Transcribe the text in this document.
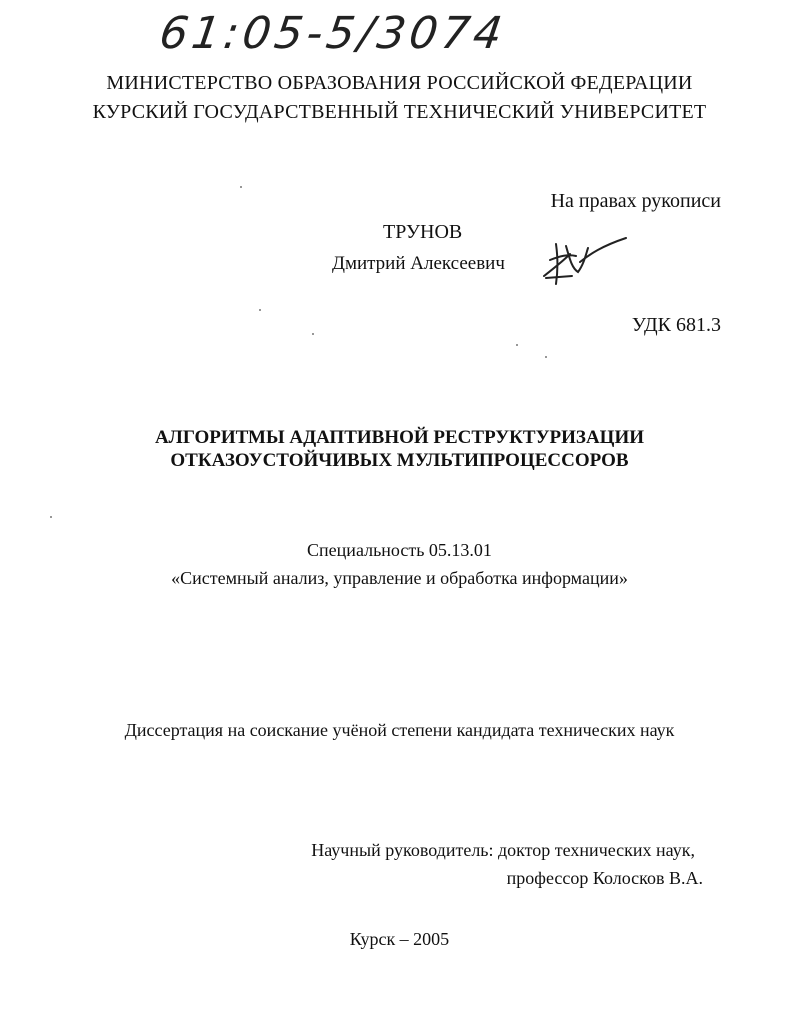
61:05-5/3074
МИНИСТЕРСТВО ОБРАЗОВАНИЯ РОССИЙСКОЙ ФЕДЕРАЦИИ
КУРСКИЙ ГОСУДАРСТВЕННЫЙ ТЕХНИЧЕСКИЙ УНИВЕРСИТЕТ
На правах рукописи
ТРУНОВ
Дмитрий Алексеевич
УДК 681.3
АЛГОРИТМЫ АДАПТИВНОЙ РЕСТРУКТУРИЗАЦИИ
ОТКАЗОУСТОЙЧИВЫХ МУЛЬТИПРОЦЕССОРОВ
Специальность 05.13.01
«Системный анализ, управление и обработка информации»
Диссертация на соискание учёной степени кандидата технических наук
Научный руководитель: доктор технических наук,
профессор Колосков В.А.
Курск – 2005
